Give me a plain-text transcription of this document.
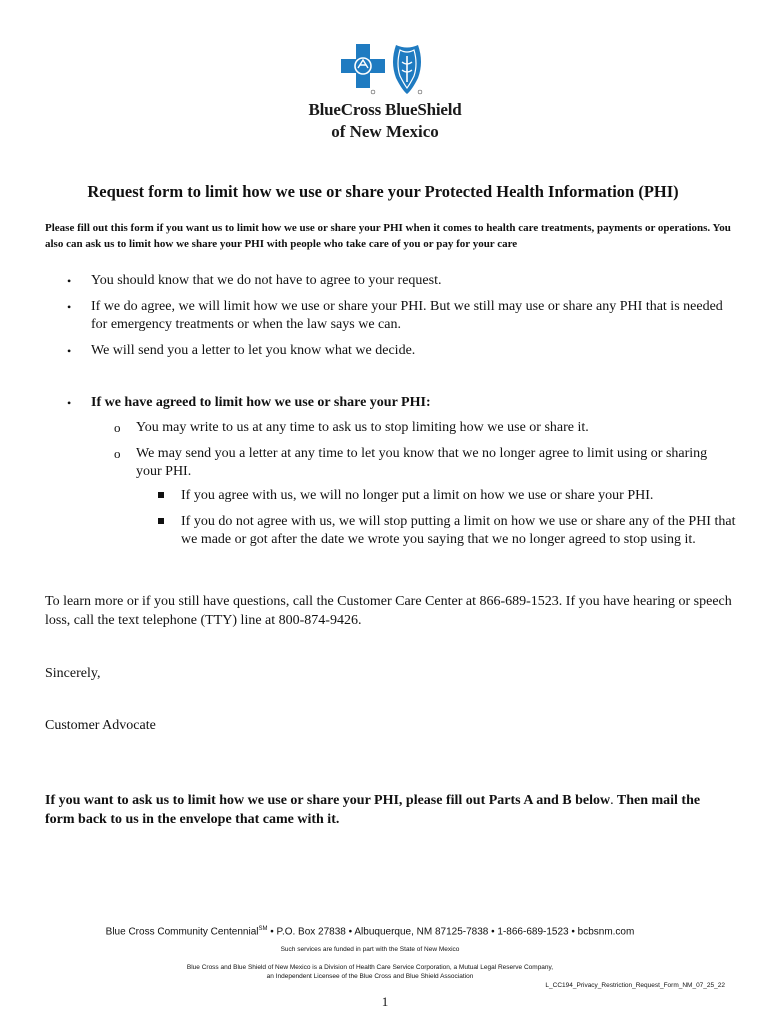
BlueCross BlueShield
of New Mexico
Request form to limit how we use or share your Protected Health Information (PHI)
Please fill out this form if you want us to limit how we use or share your PHI when it comes to health care treatments, payments or operations. You also can ask us to limit how we share your PHI with people who take care of you or pay for your care
• You should know that we do not have to agree to your request.
• If we do agree, we will limit how we use or share your PHI. But we still may use or share any PHI that is needed for emergency treatments or when the law says we can.
• We will send you a letter to let you know what we decide.
• If we have agreed to limit how we use or share your PHI:
o You may write to us at any time to ask us to stop limiting how we use or share it.
o We may send you a letter at any time to let you know that we no longer agree to limit using or sharing your PHI.
If you agree with us, we will no longer put a limit on how we use or share your PHI.
If you do not agree with us, we will stop putting a limit on how we use or share any of the PHI that we made or got after the date we wrote you saying that we no longer agreed to stop using it.
To learn more or if you still have questions, call the Customer Care Center at 866-689-1523. If you have hearing or speech loss, call the text telephone (TTY) line at 800-874-9426.
Sincerely,
Customer Advocate
If you want to ask us to limit how we use or share your PHI, please fill out Parts A and B below. Then mail the form back to us in the envelope that came with it.
Blue Cross Community Centennial℠ • P.O. Box 27838 • Albuquerque, NM 87125-7838 • 1-866-689-1523 • bcbsnm.com
Such services are funded in part with the State of New Mexico
Blue Cross and Blue Shield of New Mexico is a Division of Health Care Service Corporation, a Mutual Legal Reserve Company,
an Independent Licensee of the Blue Cross and Blue Shield Association
L_CC194_Privacy_Restriction_Request_Form_NM_07_25_22
1
